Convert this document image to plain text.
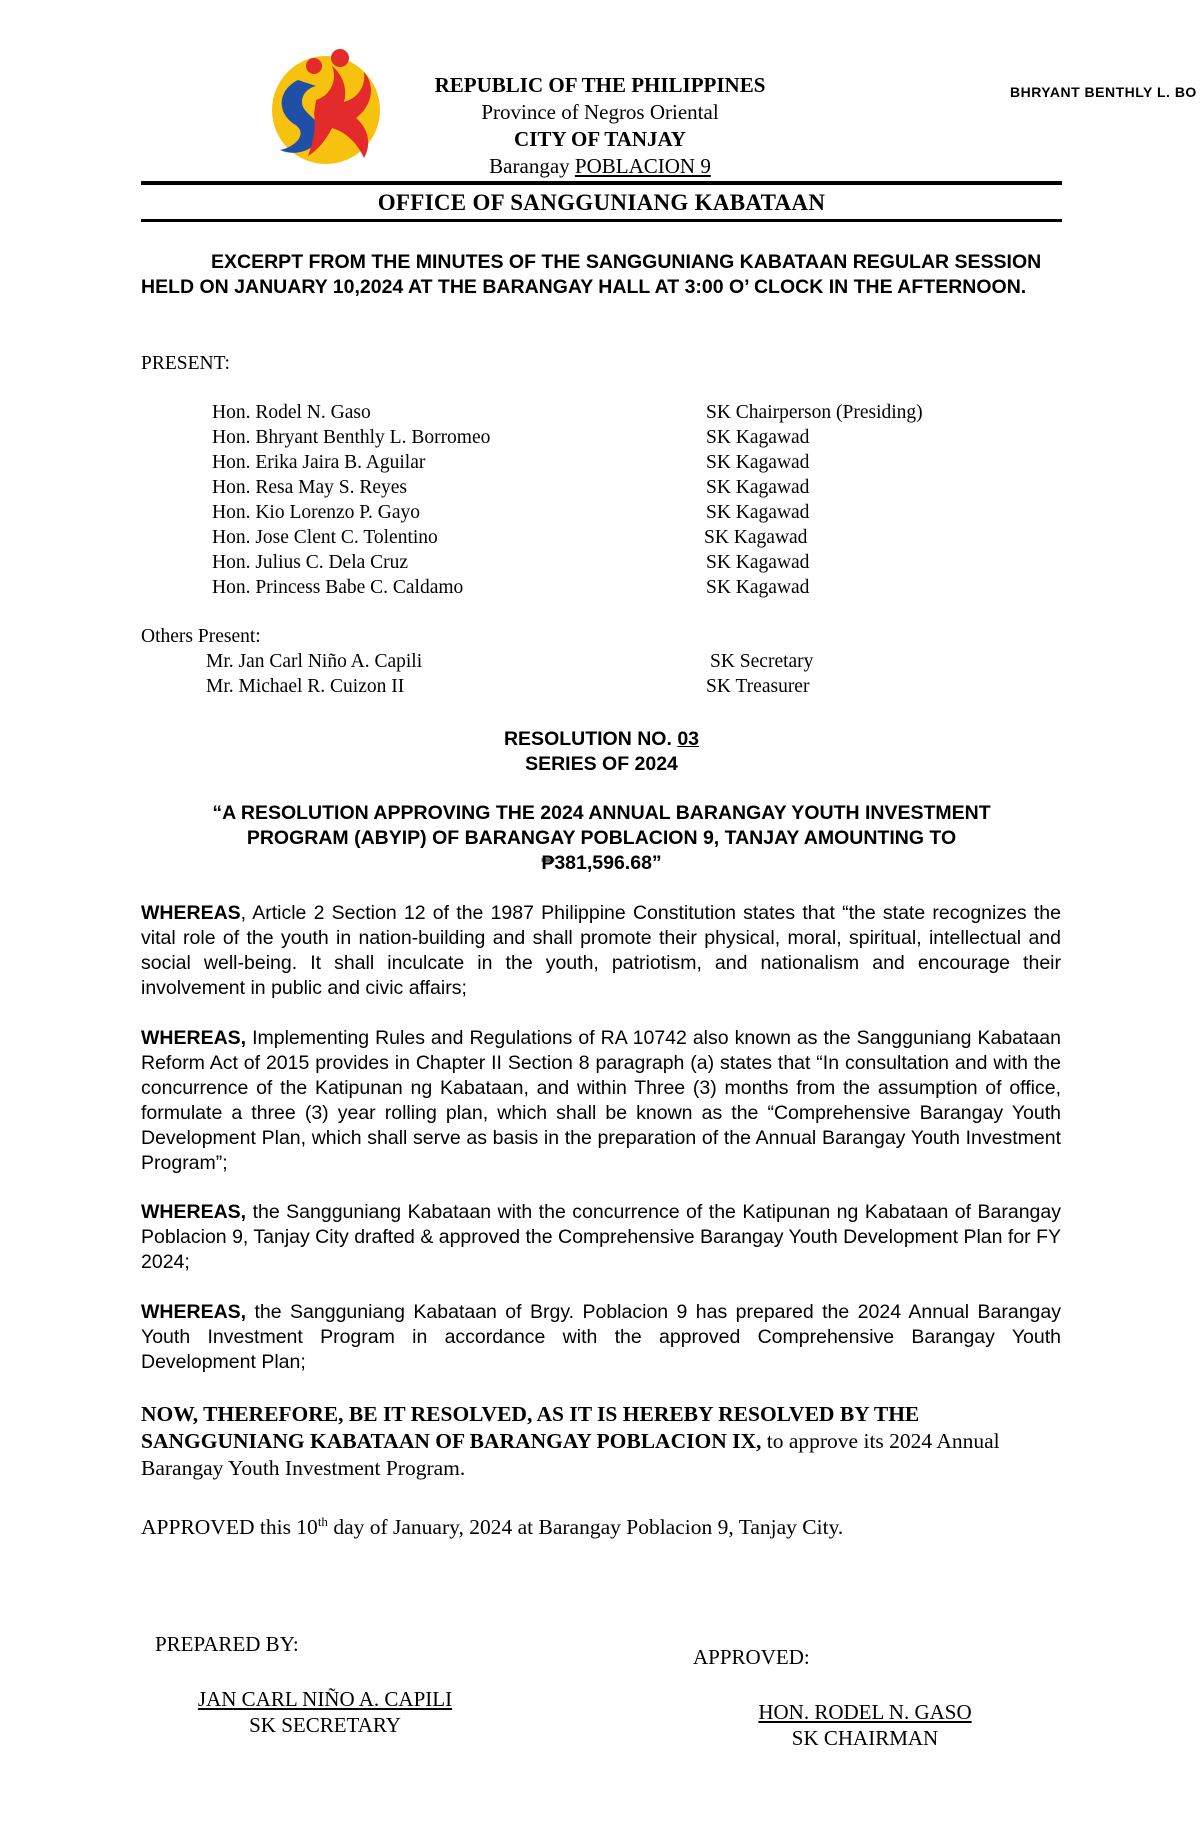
REPUBLIC OF THE PHILIPPINES
Province of Negros Oriental
CITY OF TANJAY
Barangay POBLACION 9
BHRYANT BENTHLY L. BO
OFFICE OF SANGGUNIANG KABATAAN
EXCERPT FROM THE MINUTES OF THE SANGGUNIANG KABATAAN REGULAR SESSION HELD ON JANUARY 10,2024 AT THE BARANGAY HALL AT 3:00 O’ CLOCK IN THE AFTERNOON.
PRESENT:
Hon. Rodel N. Gaso	SK Chairperson (Presiding)
Hon. Bhryant Benthly L. Borromeo	SK Kagawad
Hon. Erika Jaira B. Aguilar	SK Kagawad
Hon. Resa May S. Reyes	SK Kagawad
Hon. Kio Lorenzo P. Gayo	SK Kagawad
Hon. Jose Clent C. Tolentino	SK Kagawad
Hon. Julius C. Dela Cruz	SK Kagawad
Hon. Princess Babe C. Caldamo	SK Kagawad
Others Present:
Mr. Jan Carl Niño A. Capili	SK Secretary
Mr. Michael R. Cuizon II	SK Treasurer
RESOLUTION NO. 03
SERIES OF 2024
“A RESOLUTION APPROVING THE 2024 ANNUAL BARANGAY YOUTH INVESTMENT
PROGRAM (ABYIP) OF BARANGAY POBLACION 9, TANJAY AMOUNTING TO
₱381,596.68”
WHEREAS, Article 2 Section 12 of the 1987 Philippine Constitution states that “the state recognizes the vital role of the youth in nation-building and shall promote their physical, moral, spiritual, intellectual and social well-being. It shall inculcate in the youth, patriotism, and nationalism and encourage their involvement in public and civic affairs;
WHEREAS, Implementing Rules and Regulations of RA 10742 also known as the Sangguniang Kabataan Reform Act of 2015 provides in Chapter II Section 8 paragraph (a) states that “In consultation and with the concurrence of the Katipunan ng Kabataan, and within Three (3) months from the assumption of office, formulate a three (3) year rolling plan, which shall be known as the “Comprehensive Barangay Youth Development Plan, which shall serve as basis in the preparation of the Annual Barangay Youth Investment Program”;
WHEREAS, the Sangguniang Kabataan with the concurrence of the Katipunan ng Kabataan of Barangay Poblacion 9, Tanjay City drafted & approved the Comprehensive Barangay Youth Development Plan for FY 2024;
WHEREAS, the Sangguniang Kabataan of Brgy. Poblacion 9 has prepared the 2024 Annual Barangay Youth Investment Program in accordance with the approved Comprehensive Barangay Youth Development Plan;
NOW, THEREFORE, BE IT RESOLVED, AS IT IS HEREBY RESOLVED BY THE SANGGUNIANG KABATAAN OF BARANGAY POBLACION IX, to approve its 2024 Annual Barangay Youth Investment Program.
APPROVED this 10th day of January, 2024 at Barangay Poblacion 9, Tanjay City.
PREPARED BY:
JAN CARL NIÑO A. CAPILI
SK SECRETARY
APPROVED:
HON. RODEL N. GASO
SK CHAIRMAN
